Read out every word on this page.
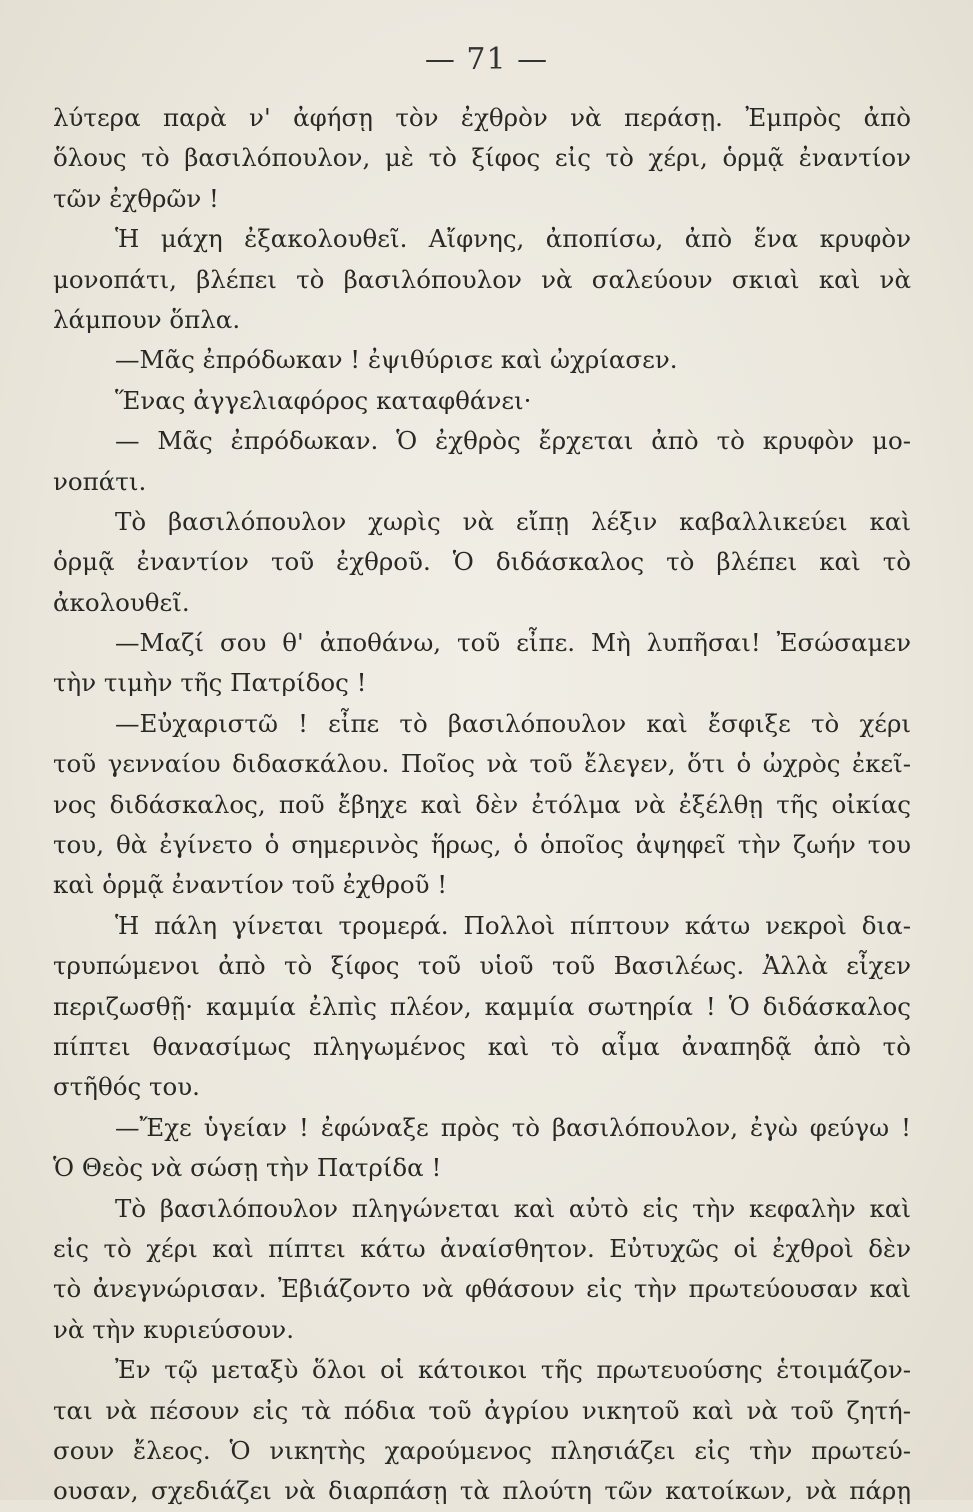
— 71 —
λύτερα παρὰ ν' ἀφήσῃ τὸν ἐχθρὸν νὰ περάσῃ. Ἐμπρὸς ἀπὸ
ὅλους τὸ βασιλόπουλον, μὲ τὸ ξίφος εἰς τὸ χέρι, ὁρμᾷ ἐναντίον
τῶν ἐχθρῶν !
Ἡ μάχη ἐξακολουθεῖ. Αἴφνης, ἀποπίσω, ἀπὸ ἕνα κρυφὸν
μονοπάτι, βλέπει τὸ βασιλόπουλον νὰ σαλεύουν σκιαὶ καὶ νὰ
λάμπουν ὅπλα.
—Μᾶς ἐπρόδωκαν ! ἐψιθύρισε καὶ ὠχρίασεν.
Ἕνας ἀγγελιαφόρος καταφθάνει·
— Μᾶς ἐπρόδωκαν. Ὁ ἐχθρὸς ἔρχεται ἀπὸ τὸ κρυφὸν μο-
νοπάτι.
Τὸ βασιλόπουλον χωρὶς νὰ εἴπῃ λέξιν καβαλλικεύει καὶ
ὁρμᾷ ἐναντίον τοῦ ἐχθροῦ. Ὁ διδάσκαλος τὸ βλέπει καὶ τὸ
ἀκολουθεῖ.
—Μαζί σου θ' ἀποθάνω, τοῦ εἶπε. Μὴ λυπῆσαι! Ἐσώσαμεν
τὴν τιμὴν τῆς Πατρίδος !
—Εὐχαριστῶ ! εἶπε τὸ βασιλόπουλον καὶ ἔσφιξε τὸ χέρι
τοῦ γενναίου διδασκάλου. Ποῖος νὰ τοῦ ἔλεγεν, ὅτι ὁ ὠχρὸς ἐκεῖ-
νος διδάσκαλος, ποῦ ἔβηχε καὶ δὲν ἐτόλμα νὰ ἐξέλθῃ τῆς οἰκίας
του, θὰ ἐγίνετο ὁ σημερινὸς ἥρως, ὁ ὁποῖος ἀψηφεῖ τὴν ζωήν του
καὶ ὁρμᾷ ἐναντίον τοῦ ἐχθροῦ !
Ἡ πάλη γίνεται τρομερά. Πολλοὶ πίπτουν κάτω νεκροὶ δια-
τρυπώμενοι ἀπὸ τὸ ξίφος τοῦ υἱοῦ τοῦ Βασιλέως. Ἀλλὰ εἶχεν
περιζωσθῇ· καμμία ἐλπὶς πλέον, καμμία σωτηρία ! Ὁ διδάσκαλος
πίπτει θανασίμως πληγωμένος καὶ τὸ αἷμα ἀναπηδᾷ ἀπὸ τὸ
στῆθός του.
—Ἔχε ὑγείαν ! ἐφώναξε πρὸς τὸ βασιλόπουλον, ἐγὼ φεύγω !
Ὁ Θεὸς νὰ σώσῃ τὴν Πατρίδα !
Τὸ βασιλόπουλον πληγώνεται καὶ αὐτὸ εἰς τὴν κεφαλὴν καὶ
εἰς τὸ χέρι καὶ πίπτει κάτω ἀναίσθητον. Εὐτυχῶς οἱ ἐχθροὶ δὲν
τὸ ἀνεγνώρισαν. Ἐβιάζοντο νὰ φθάσουν εἰς τὴν πρωτεύουσαν καὶ
νὰ τὴν κυριεύσουν.
Ἐν τῷ μεταξὺ ὅλοι οἱ κάτοικοι τῆς πρωτευούσης ἑτοιμάζον-
ται νὰ πέσουν εἰς τὰ πόδια τοῦ ἀγρίου νικητοῦ καὶ νὰ τοῦ ζητή-
σουν ἔλεος. Ὁ νικητὴς χαρούμενος πλησιάζει εἰς τὴν πρωτεύ-
ουσαν, σχεδιάζει νὰ διαρπάσῃ τὰ πλούτη τῶν κατοίκων, νὰ πάρῃ
